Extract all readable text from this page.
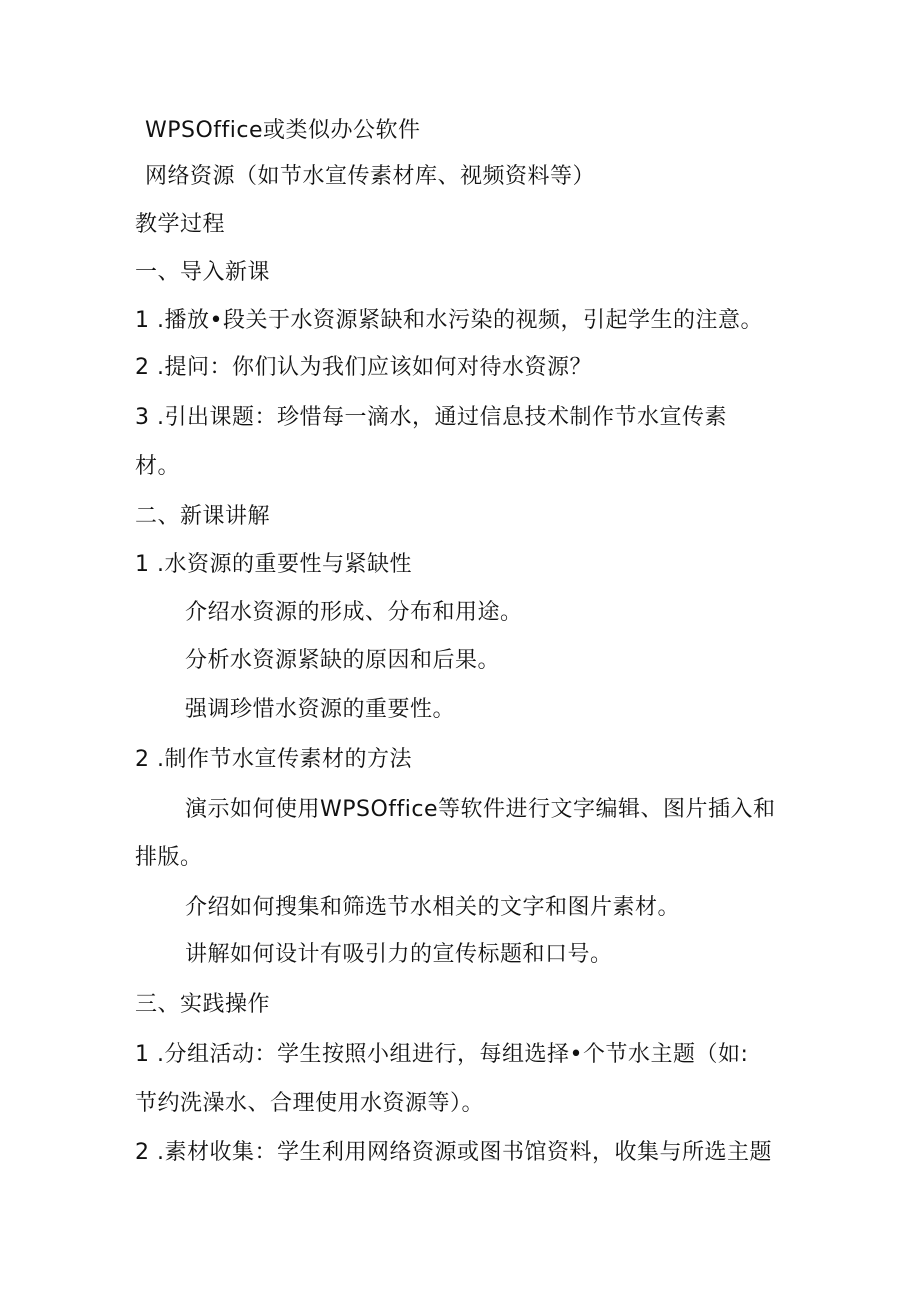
WPSOffice或类似办公软件
网络资源（如节水宣传素材库、视频资料等）
教学过程
一、导入新课
1 .播放•段关于水资源紧缺和水污染的视频，引起学生的注意。
2 .提问：你们认为我们应该如何对待水资源？
3 .引出课题：珍惜每一滴水，通过信息技术制作节水宣传素
材。
二、新课讲解
1 .水资源的重要性与紧缺性
介绍水资源的形成、分布和用途。
分析水资源紧缺的原因和后果。
强调珍惜水资源的重要性。
2 .制作节水宣传素材的方法
演示如何使用WPSOffice等软件进行文字编辑、图片插入和
排版。
介绍如何搜集和筛选节水相关的文字和图片素材。
讲解如何设计有吸引力的宣传标题和口号。
三、实践操作
1 .分组活动：学生按照小组进行，每组选择•个节水主题（如:
节约洗澡水、合理使用水资源等）。
2 .素材收集：学生利用网络资源或图书馆资料，收集与所选主题
